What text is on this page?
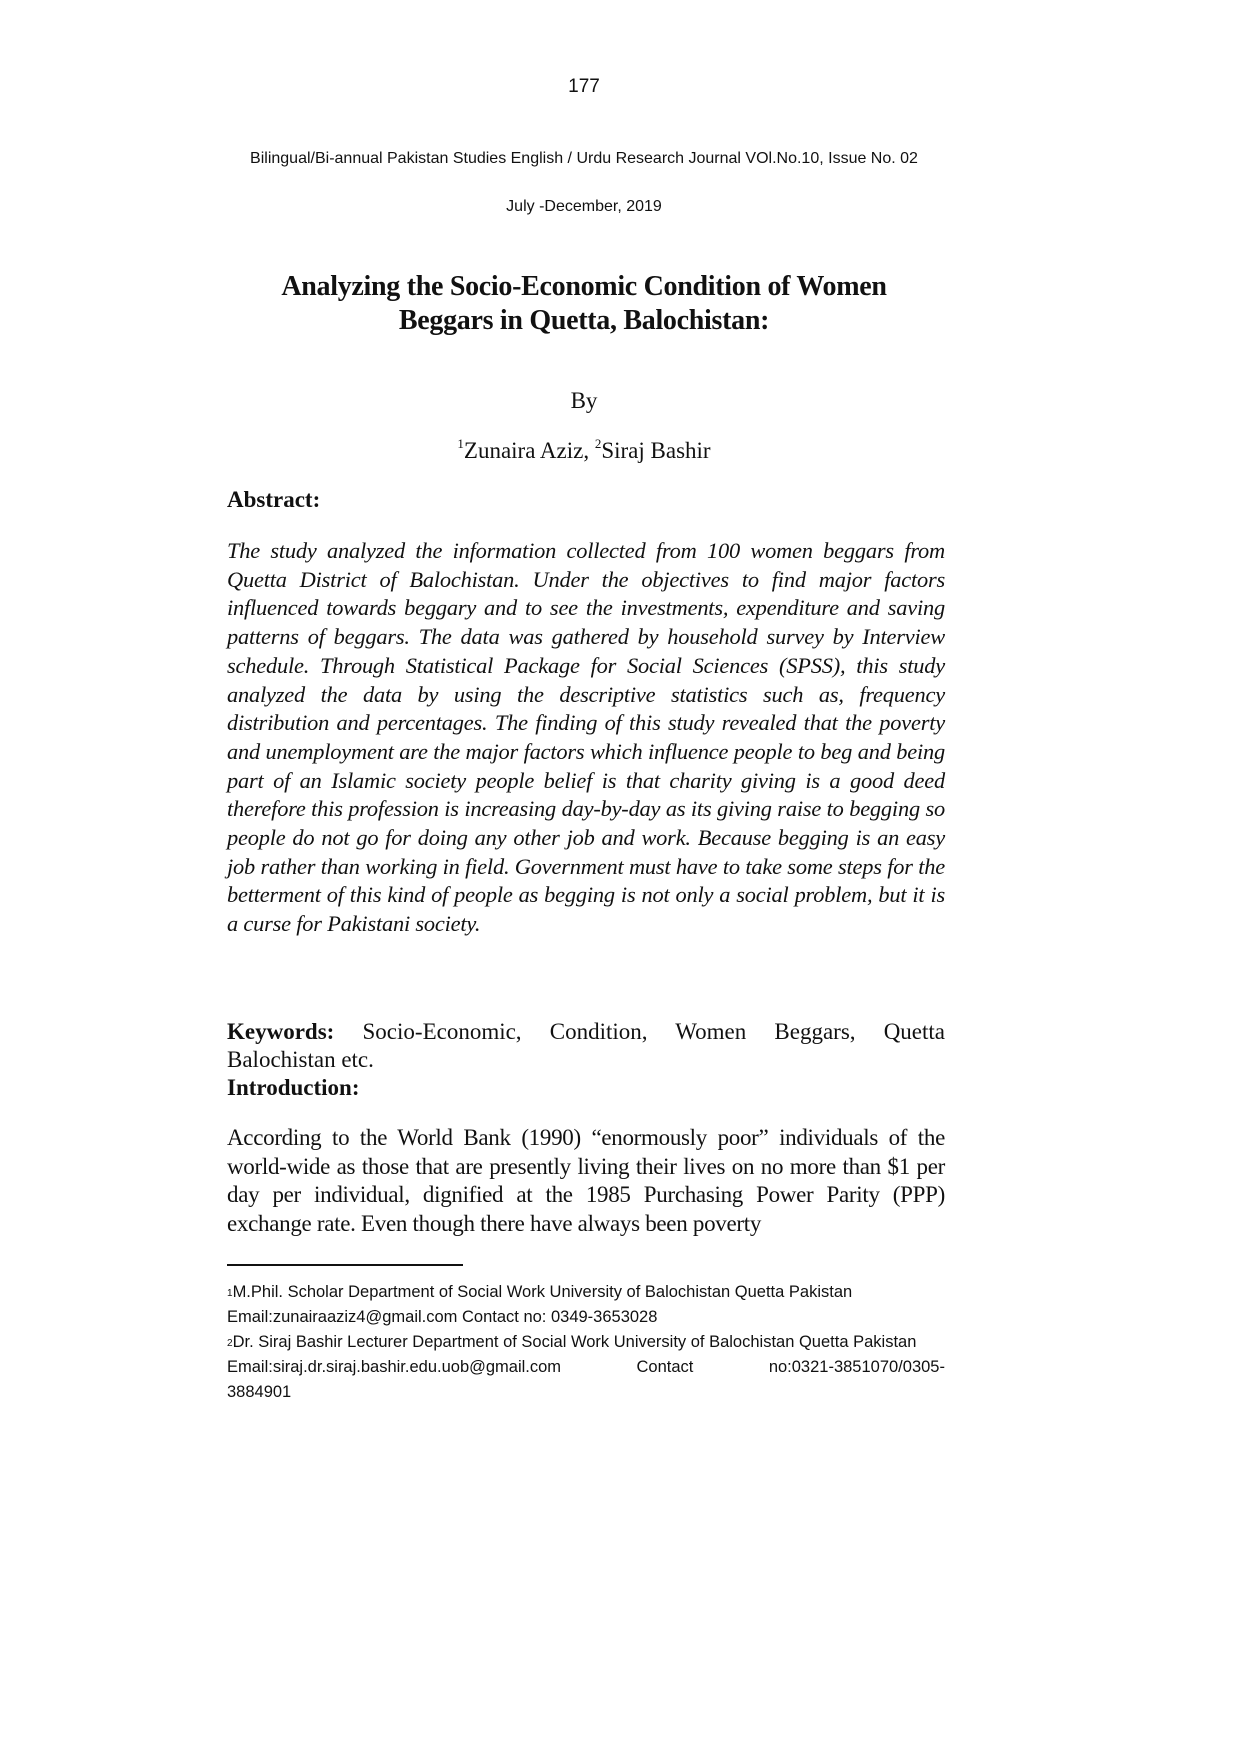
177
Bilingual/Bi-annual Pakistan Studies English / Urdu Research Journal VOl.No.10, Issue No. 02
July -December, 2019
Analyzing the Socio-Economic Condition of Women
Beggars in Quetta, Balochistan:
By
$^1$Zunaira Aziz, $^2$Siraj Bashir
Abstract:
The study analyzed the information collected from 100 women beggars from Quetta District of Balochistan. Under the objectives to find major factors influenced towards beggary and to see the investments, expenditure and saving patterns of beggars. The data was gathered by household survey by Interview schedule. Through Statistical Package for Social Sciences (SPSS), this study analyzed the data by using the descriptive statistics such as, frequency distribution and percentages. The finding of this study revealed that the poverty and unemployment are the major factors which influence people to beg and being part of an Islamic society people belief is that charity giving is a good deed therefore this profession is increasing day-by-day as its giving raise to begging so people do not go for doing any other job and work. Because begging is an easy job rather than working in field. Government must have to take some steps for the betterment of this kind of people as begging is not only a social problem, but it is a curse for Pakistani society.
Keywords: Socio-Economic, Condition, Women Beggars, Quetta Balochistan etc.
Introduction:
According to the World Bank (1990) “enormously poor” individuals of the world-wide as those that are presently living their lives on no more than $1 per day per individual, dignified at the 1985 Purchasing Power Parity (PPP) exchange rate. Even though there have always been poverty
$^1$M.Phil. Scholar Department of Social Work University of Balochistan Quetta Pakistan
Email:zunairaaziz4@gmail.com Contact no: 0349-3653028
$^2$Dr. Siraj Bashir Lecturer Department of Social Work University of Balochistan Quetta Pakistan
Email:siraj.dr.siraj.bashir.edu.uob@gmail.com	Contact	no:0321-3851070/0305-
3884901
